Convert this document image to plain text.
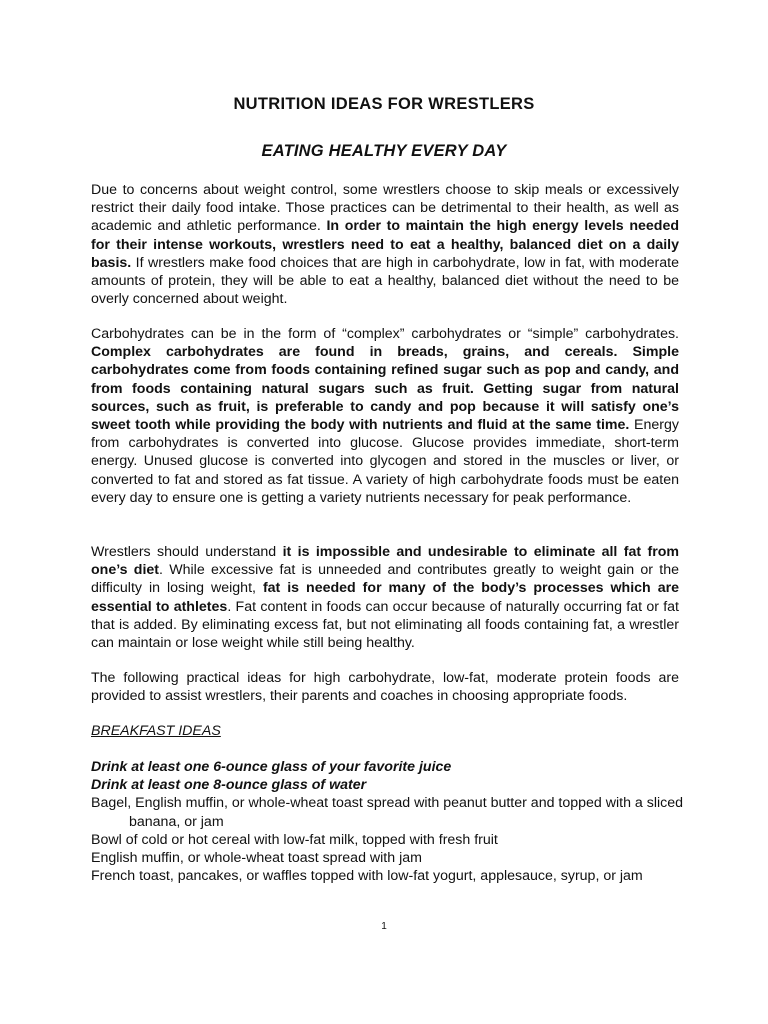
NUTRITION IDEAS FOR WRESTLERS
EATING HEALTHY EVERY DAY

Due to concerns about weight control, some wrestlers choose to skip meals or excessively restrict their daily food intake. Those practices can be detrimental to their health, as well as academic and athletic performance. In order to maintain the high energy levels needed for their intense workouts, wrestlers need to eat a healthy, balanced diet on a daily basis. If wrestlers make food choices that are high in carbohydrate, low in fat, with moderate amounts of protein, they will be able to eat a healthy, balanced diet without the need to be overly concerned about weight.

Carbohydrates can be in the form of “complex” carbohydrates or “simple” carbohydrates. Complex carbohydrates are found in breads, grains, and cereals. Simple carbohydrates come from foods containing refined sugar such as pop and candy, and from foods containing natural sugars such as fruit. Getting sugar from natural sources, such as fruit, is preferable to candy and pop because it will satisfy one’s sweet tooth while providing the body with nutrients and fluid at the same time. Energy from carbohydrates is converted into glucose. Glucose provides immediate, short-term energy. Unused glucose is converted into glycogen and stored in the muscles or liver, or converted to fat and stored as fat tissue. A variety of high carbohydrate foods must be eaten every day to ensure one is getting a variety nutrients necessary for peak performance.

Wrestlers should understand it is impossible and undesirable to eliminate all fat from one’s diet. While excessive fat is unneeded and contributes greatly to weight gain or the difficulty in losing weight, fat is needed for many of the body’s processes which are essential to athletes. Fat content in foods can occur because of naturally occurring fat or fat that is added. By eliminating excess fat, but not eliminating all foods containing fat, a wrestler can maintain or lose weight while still being healthy.

The following practical ideas for high carbohydrate, low-fat, moderate protein foods are provided to assist wrestlers, their parents and coaches in choosing appropriate foods.

BREAKFAST IDEAS

Drink at least one 6-ounce glass of your favorite juice

Drink at least one 8-ounce glass of water

Bagel, English muffin, or whole-wheat toast spread with peanut butter and topped with a sliced banana, or jam

Bowl of cold or hot cereal with low-fat milk, topped with fresh fruit

English muffin, or whole-wheat toast spread with jam

French toast, pancakes, or waffles topped with low-fat yogurt, applesauce, syrup, or jam

1
